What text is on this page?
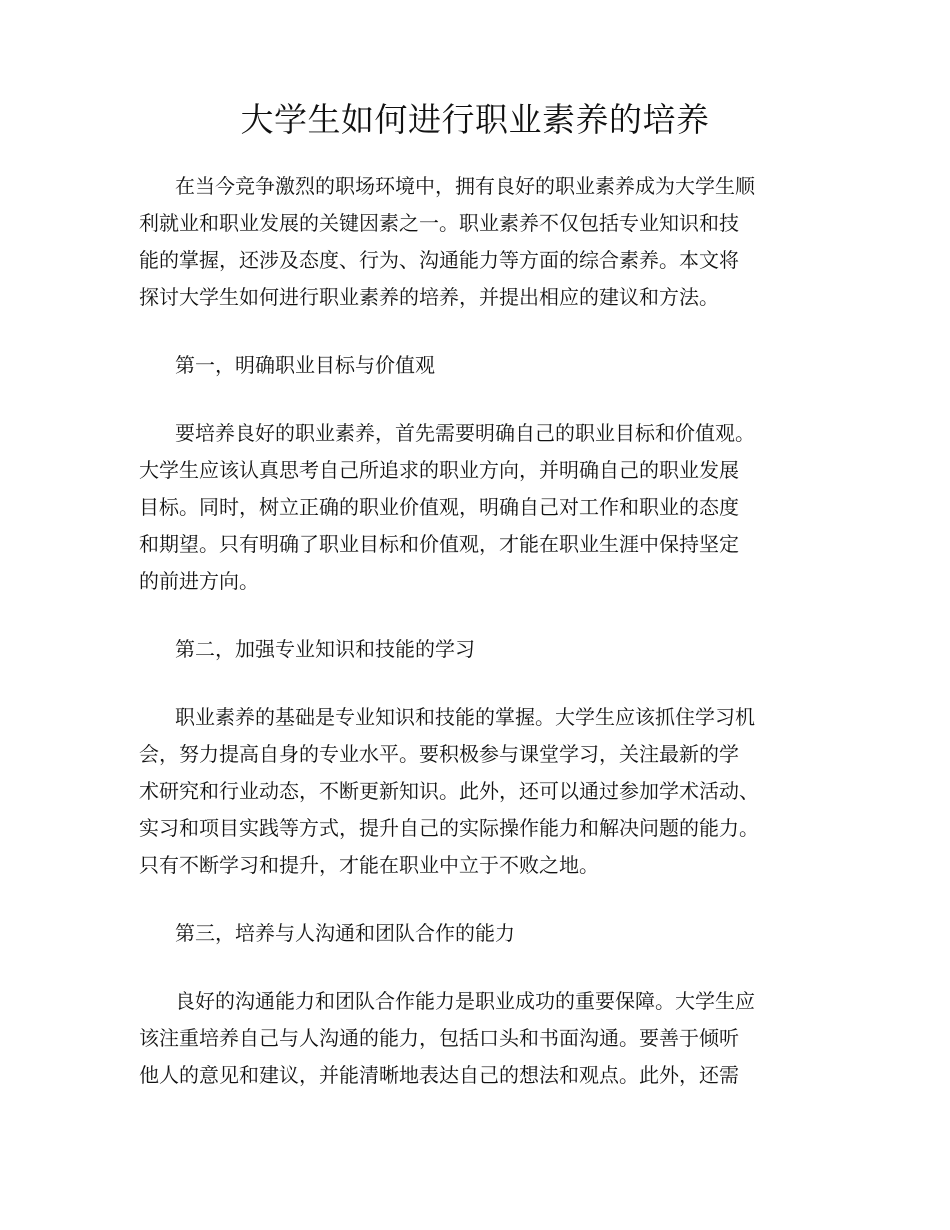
大学生如何进行职业素养的培养

在当今竞争激烈的职场环境中，拥有良好的职业素养成为大学生顺
利就业和职业发展的关键因素之一。职业素养不仅包括专业知识和技
能的掌握，还涉及态度、行为、沟通能力等方面的综合素养。本文将
探讨大学生如何进行职业素养的培养，并提出相应的建议和方法。

第一，明确职业目标与价值观

要培养良好的职业素养，首先需要明确自己的职业目标和价值观。
大学生应该认真思考自己所追求的职业方向，并明确自己的职业发展
目标。同时，树立正确的职业价值观，明确自己对工作和职业的态度
和期望。只有明确了职业目标和价值观，才能在职业生涯中保持坚定
的前进方向。

第二，加强专业知识和技能的学习

职业素养的基础是专业知识和技能的掌握。大学生应该抓住学习机
会，努力提高自身的专业水平。要积极参与课堂学习，关注最新的学
术研究和行业动态，不断更新知识。此外，还可以通过参加学术活动、
实习和项目实践等方式，提升自己的实际操作能力和解决问题的能力。
只有不断学习和提升，才能在职业中立于不败之地。

第三，培养与人沟通和团队合作的能力

良好的沟通能力和团队合作能力是职业成功的重要保障。大学生应
该注重培养自己与人沟通的能力，包括口头和书面沟通。要善于倾听
他人的意见和建议，并能清晰地表达自己的想法和观点。此外，还需
